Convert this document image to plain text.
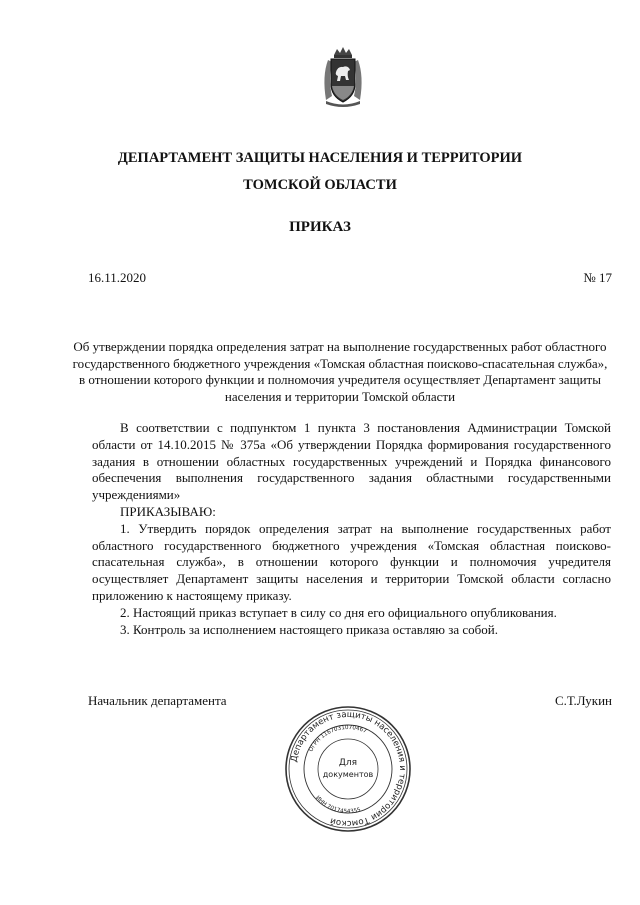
ДЕПАРТАМЕНТ ЗАЩИТЫ НАСЕЛЕНИЯ И ТЕРРИТОРИИ

ТОМСКОЙ ОБЛАСТИ

ПРИКАЗ

16.11.2020	№ 17

Об утверждении порядка определения затрат на выполнение государственных работ областного государственного бюджетного учреждения «Томская областная поисково-спасательная служба», в отношении которого функции и полномочия учредителя осуществляет Департамент защиты населения и территории Томской области

В соответствии с подпунктом 1 пункта 3 постановления Администрации Томской области от 14.10.2015 № 375а «Об утверждении Порядка формирования государственного задания в отношении областных государственных учреждений и Порядка финансового обеспечения выполнения государственного задания областными государственными учреждениями»

ПРИКАЗЫВАЮ:

1. Утвердить порядок определения затрат на выполнение государственных работ областного государственного бюджетного учреждения «Томская областная поисково-спасательная служба», в отношении которого функции и полномочия учредителя осуществляет Департамент защиты населения и территории Томской области согласно приложению к настоящему приказу.

2. Настоящий приказ вступает в силу со дня его официального опубликования.

3. Контроль за исполнением настоящего приказа оставляю за собой.

Начальник департамента	С.Т.Лукин
Департамент защиты населения и территории Томской
ОГРН 1167031070467
ИНН 7017454355
Для
документов
